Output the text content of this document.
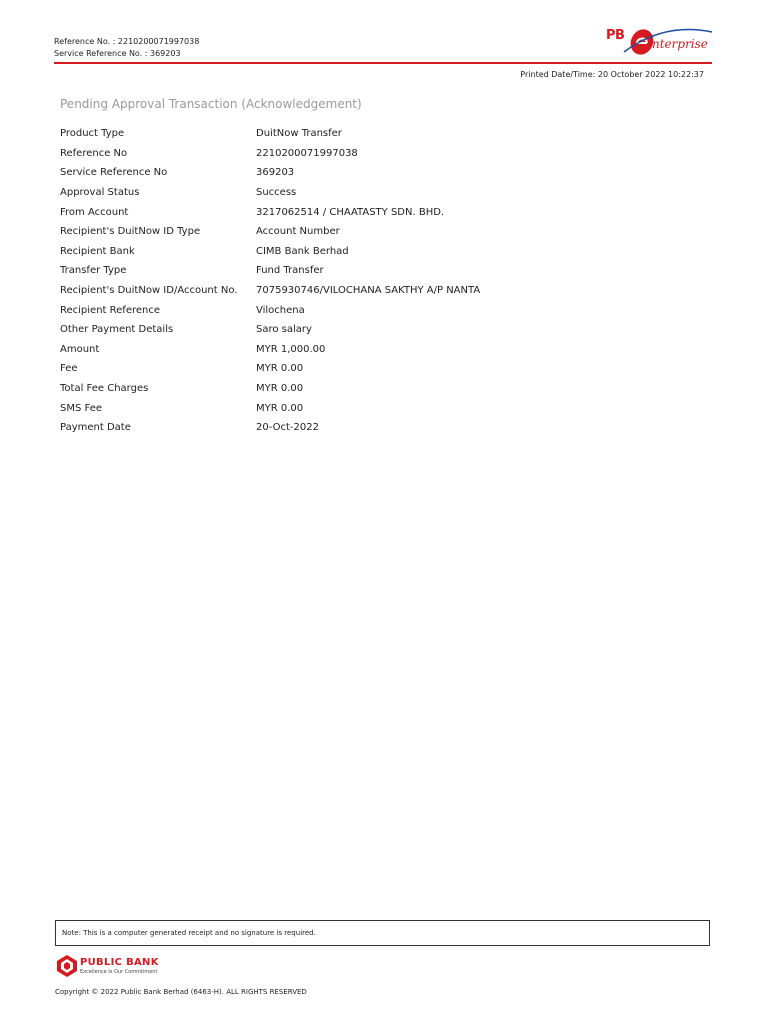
Reference No. : 2210200071997038
Service Reference No. : 369203
PB
nterprise
Printed Date/Time: 20 October 2022 10:22:37
Pending Approval Transaction (Acknowledgement)
Product Type	DuitNow Transfer
Reference No	2210200071997038
Service Reference No	369203
Approval Status	Success
From Account	3217062514 / CHAATASTY SDN. BHD.
Recipient's DuitNow ID Type	Account Number
Recipient Bank	CIMB Bank Berhad
Transfer Type	Fund Transfer
Recipient's DuitNow ID/Account No.	7075930746/VILOCHANA SAKTHY A/P NANTA
Recipient Reference	Vilochena
Other Payment Details	Saro salary
Amount	MYR 1,000.00
Fee	MYR 0.00
Total Fee Charges	MYR 0.00
SMS Fee	MYR 0.00
Payment Date	20-Oct-2022
Note: This is a computer generated receipt and no signature is required.
PUBLIC BANK
Excellence Is Our Commitment
Copyright © 2022 Public Bank Berhad (6463-H). ALL RIGHTS RESERVED
